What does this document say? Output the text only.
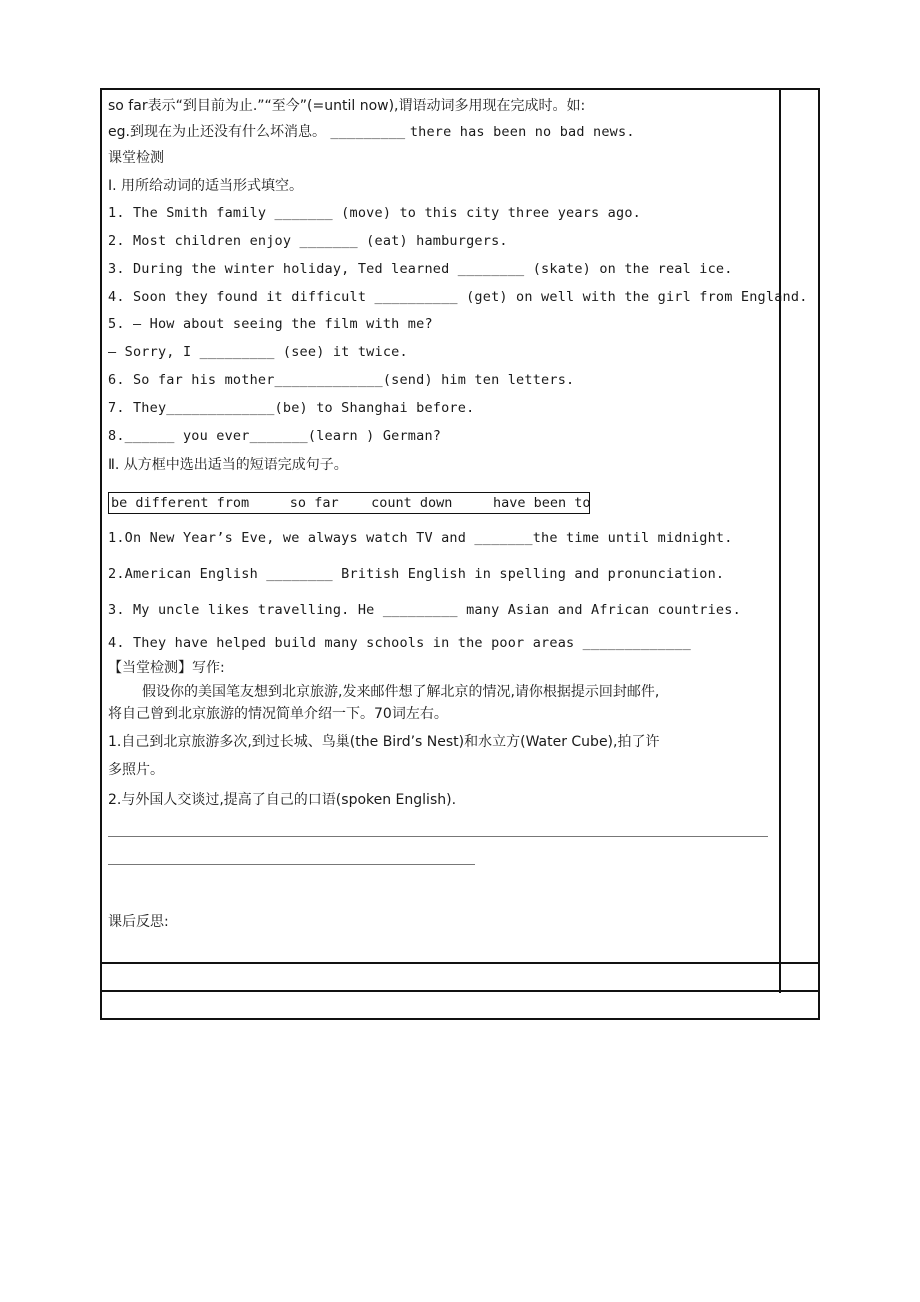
so far表示“到目前为止.”“至今”(=until now),谓语动词多用现在完成时。如:
eg.到现在为止还没有什么坏消息。 _________ there has been no bad news.
课堂检测
Ⅰ. 用所给动词的适当形式填空。
1. The Smith family _______ (move) to this city three years ago.
2. Most children enjoy _______ (eat) hamburgers.
3. During the winter holiday, Ted learned ________ (skate) on the real ice.
4. Soon they found it difficult __________ (get) on well with the girl from England.
5. — How about seeing the film with me?
— Sorry, I _________ (see) it twice.
6. So far his mother_____________(send) him ten letters.
7. They_____________(be) to Shanghai before.
8.______ you ever_______(learn ) German?
Ⅱ. 从方框中选出适当的短语完成句子。
be different from     so far    count down     have been to
1.On New Year’s Eve, we always watch TV and _______the time until midnight.
2.American English ________ British English in spelling and pronunciation.
3. My uncle likes travelling. He _________ many Asian and African countries.
4. They have helped build many schools in the poor areas _____________
【当堂检测】写作:
假设你的美国笔友想到北京旅游,发来邮件想了解北京的情况,请你根据提示回封邮件,
将自己曾到北京旅游的情况简单介绍一下。70词左右。
1.自己到北京旅游多次,到过长城、鸟巢(the Bird’s Nest)和水立方(Water Cube),拍了许
多照片。
2.与外国人交谈过,提高了自己的口语(spoken English).
课后反思:
